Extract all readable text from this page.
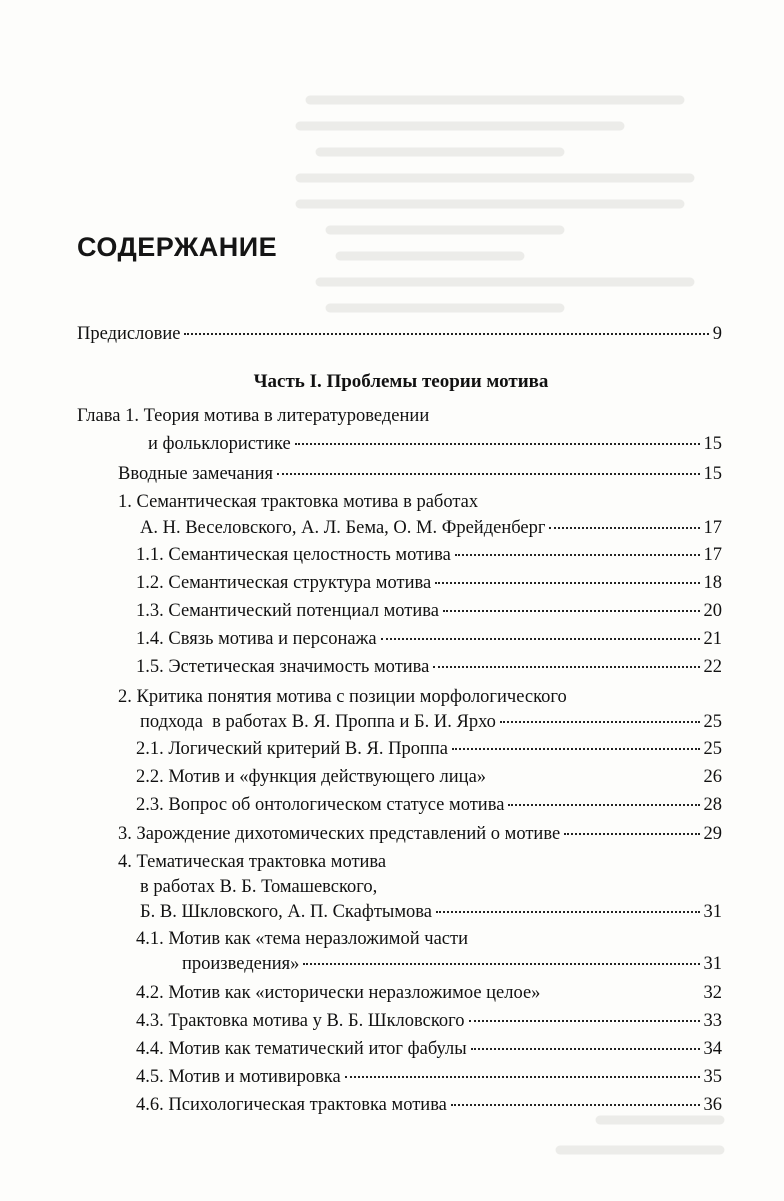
СОДЕРЖАНИЕ
Предисловие	9
Часть I. Проблемы теории мотива
Глава 1. Теория мотива в литературоведении
и фольклористике	15
Вводные замечания	15
1. Семантическая трактовка мотива в работах
А. Н. Веселовского, А. Л. Бема, О. М. Фрейденберг	17
1.1. Семантическая целостность мотива	17
1.2. Семантическая структура мотива	18
1.3. Семантический потенциал мотива	20
1.4. Связь мотива и персонажа	21
1.5. Эстетическая значимость мотива	22
2. Критика понятия мотива с позиции морфологического
подхода  в работах В. Я. Проппа и Б. И. Ярхо	25
2.1. Логический критерий В. Я. Проппа	25
2.2. Мотив и «функция действующего лица»	26
2.3. Вопрос об онтологическом статусе мотива	28
3. Зарождение дихотомических представлений о мотиве	29
4. Тематическая трактовка мотива
в работах В. Б. Томашевского,
Б. В. Шкловского, А. П. Скафтымова	31
4.1. Мотив как «тема неразложимой части
произведения»	31
4.2. Мотив как «исторически неразложимое целое»	32
4.3. Трактовка мотива у В. Б. Шкловского	33
4.4. Мотив как тематический итог фабулы	34
4.5. Мотив и мотивировка	35
4.6. Психологическая трактовка мотива	36
